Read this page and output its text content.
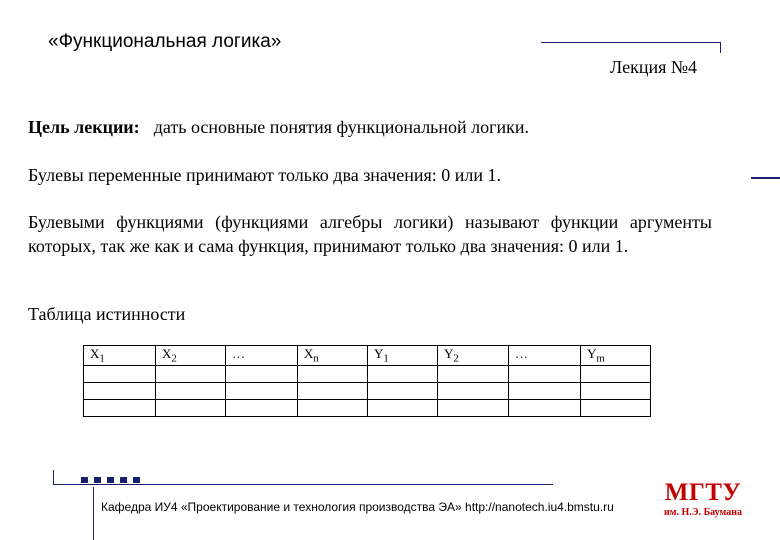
«Функциональная логика»
Лекция №4
Цель лекции: дать основные понятия функциональной логики.
Булевы переменные принимают только два значения: 0 или 1.
Булевыми функциями (функциями алгебры логики) называют функции аргументы которых, так же как и сама функция, принимают только два значения: 0 или 1.
Таблица истинности
$X_1$	$X_2$	…	$X_n$	$Y_1$	$Y_2$	…	$Y_m$

Кафедра ИУ4 «Проектирование и технология производства ЭА» http://nanotech.iu4.bmstu.ru
МГТУ
им. Н.Э. Баумана
